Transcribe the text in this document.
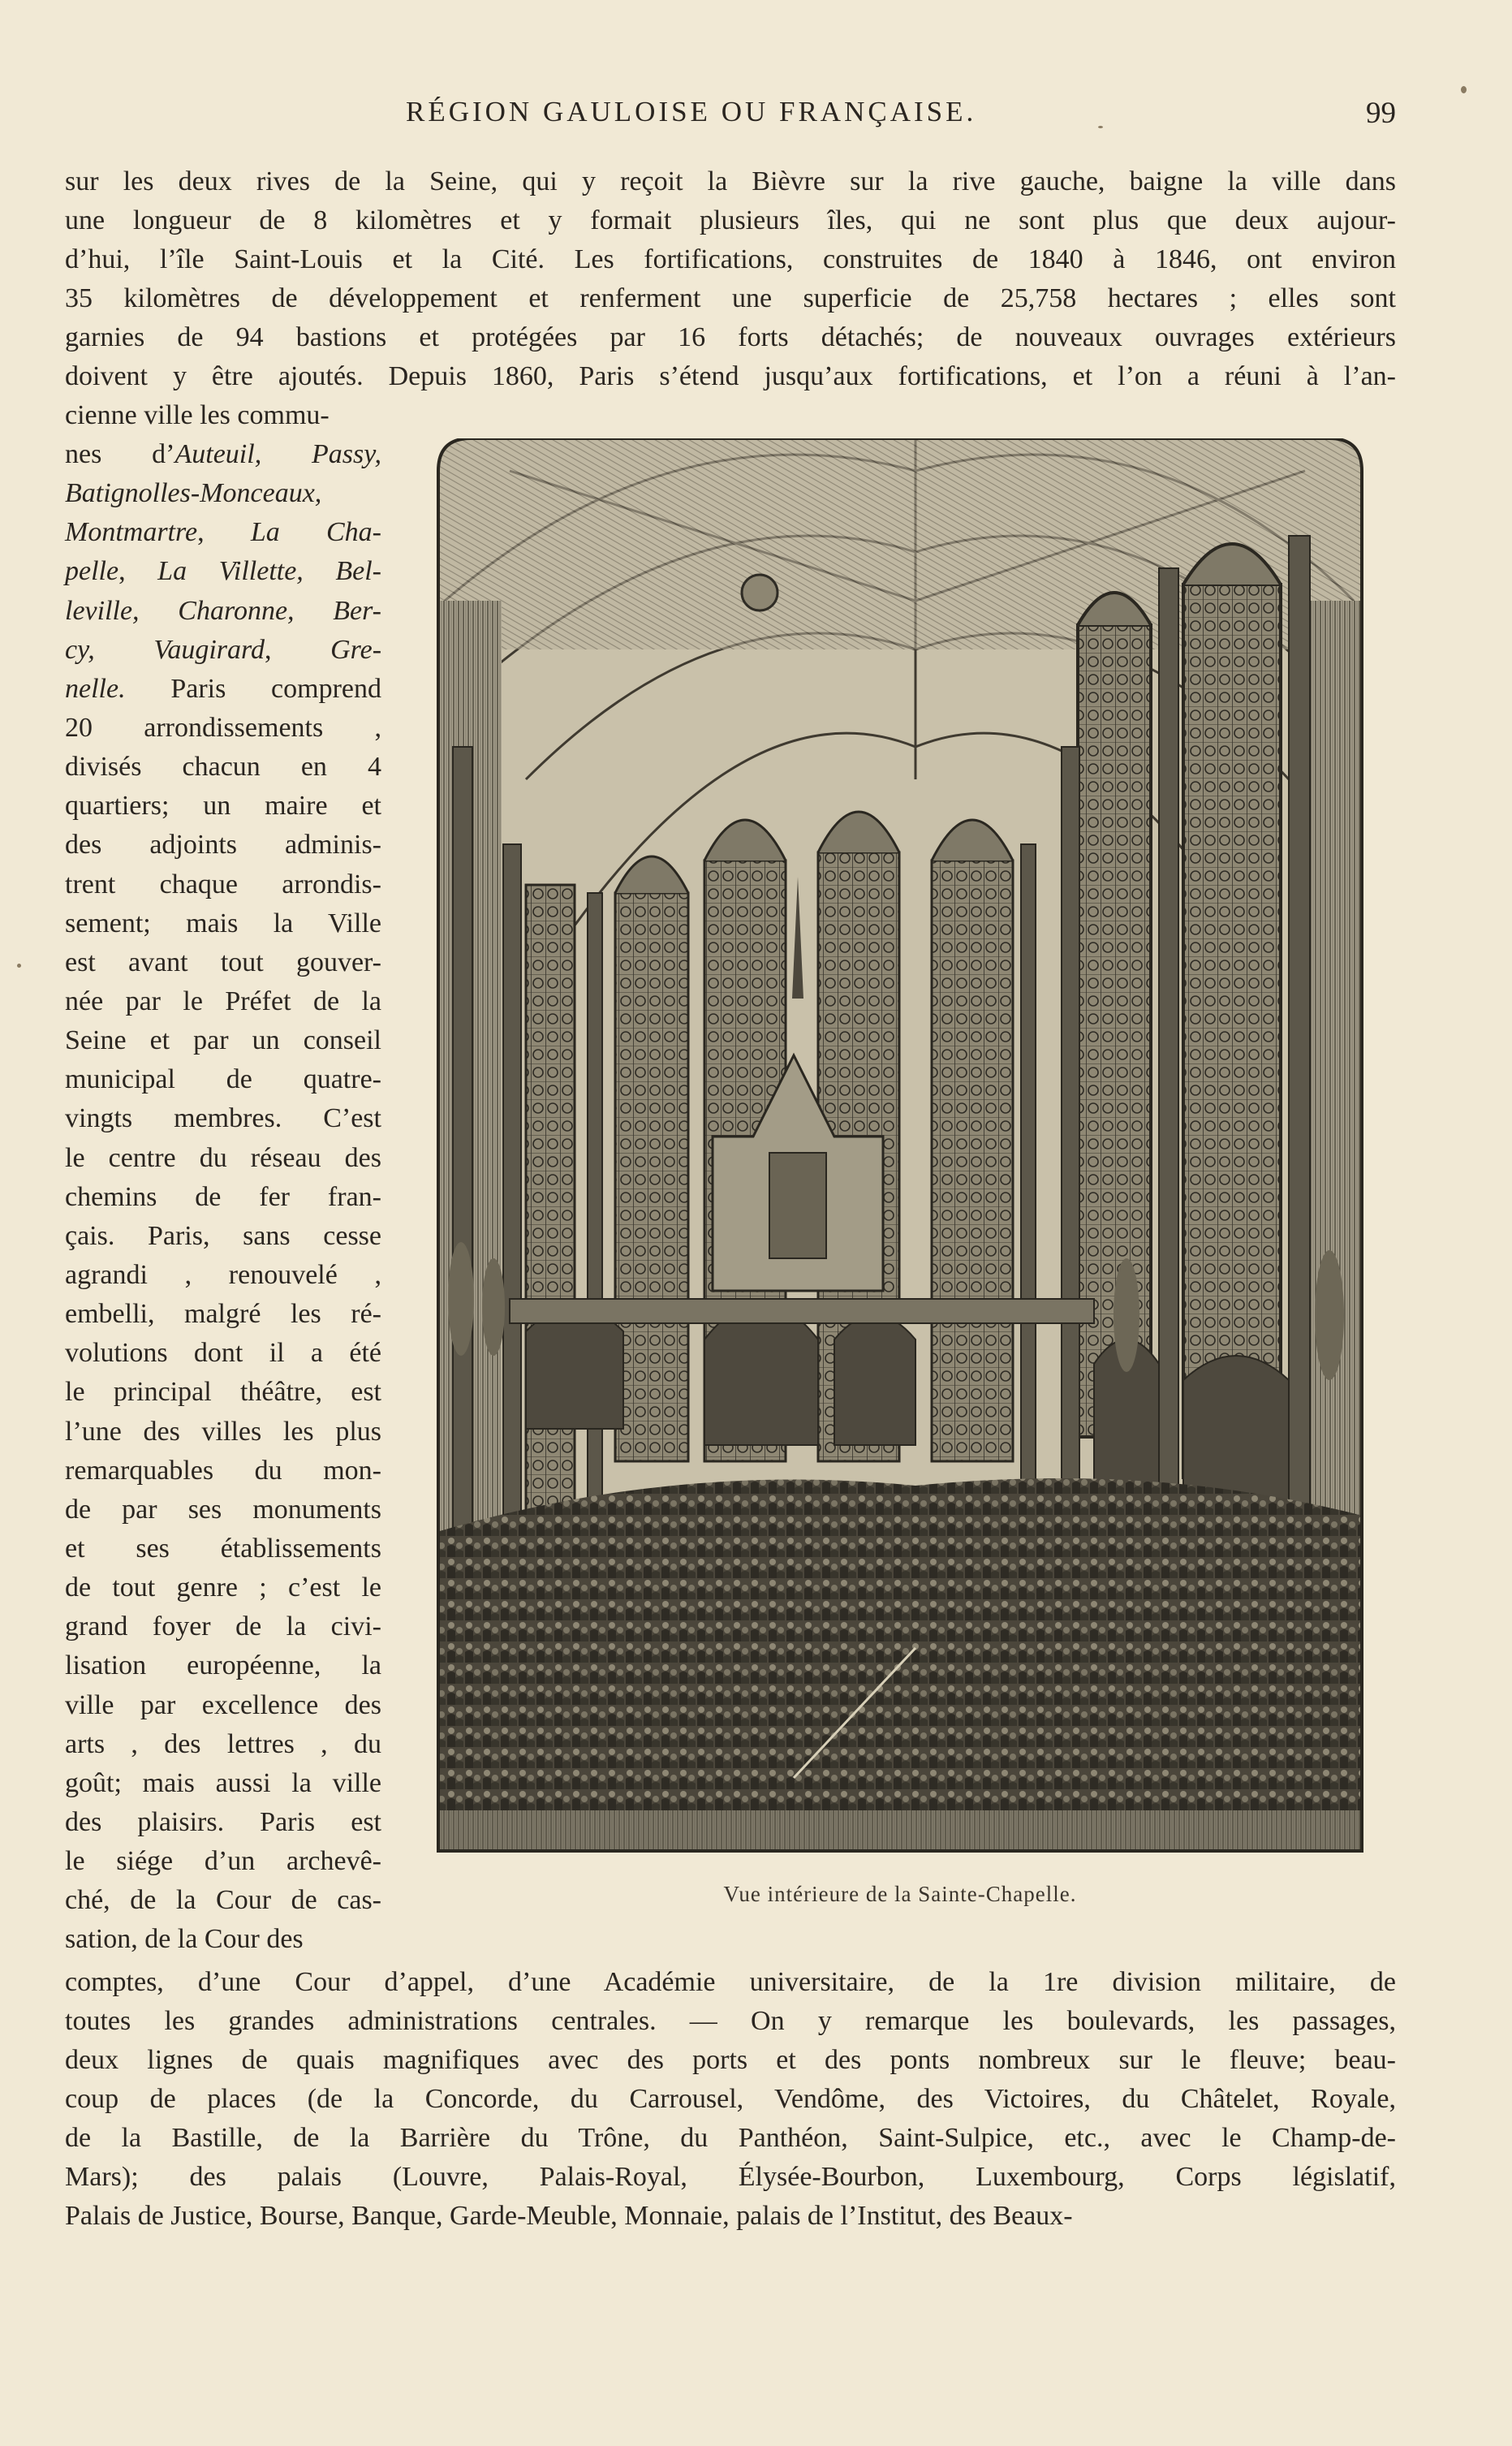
RÉGION GAULOISE OU FRANÇAISE.	99
sur les deux rives de la Seine, qui y reçoit la Bièvre sur la rive gauche, baigne la ville dans
une longueur de 8 kilomètres et y formait plusieurs îles, qui ne sont plus que deux aujour-
d’hui, l’île Saint-Louis et la Cité. Les fortifications, construites de 1840 à 1846, ont environ
35 kilomètres de développement et renferment une superficie de 25,758 hectares ; elles sont
garnies de 94 bastions et protégées par 16 forts détachés; de nouveaux ouvrages extérieurs
doivent y être ajoutés. Depuis 1860, Paris s’étend jusqu’aux fortifications, et l’on a réuni à l’an-
cienne ville les commu-
nes d’Auteuil, Passy,
Batignolles-Monceaux,
Montmartre, La Cha-
pelle, La Villette, Bel-
leville, Charonne, Ber-
cy, Vaugirard, Gre-
nelle. Paris comprend
20 arrondissements ,
divisés chacun en 4
quartiers; un maire et
des adjoints adminis-
trent chaque arrondis-
sement; mais la Ville
est avant tout gouver-
née par le Préfet de la
Seine et par un conseil
municipal de quatre-
vingts membres. C’est
le centre du réseau des
chemins de fer fran-
çais. Paris, sans cesse
agrandi , renouvelé ,
embelli, malgré les ré-
volutions dont il a été
le principal théâtre, est
l’une des villes les plus
remarquables du mon-
de par ses monuments
et ses établissements
de tout genre ; c’est le
grand foyer de la civi-
lisation européenne, la
ville par excellence des
arts , des lettres , du
goût; mais aussi la ville
des plaisirs. Paris est
le siége d’un archevê-
ché, de la Cour de cas-
sation, de la Cour des
Vue intérieure de la Sainte-Chapelle.
comptes, d’une Cour d’appel, d’une Académie universitaire, de la 1re division militaire, de
toutes les grandes administrations centrales. — On y remarque les boulevards, les passages,
deux lignes de quais magnifiques avec des ports et des ponts nombreux sur le fleuve; beau-
coup de places (de la Concorde, du Carrousel, Vendôme, des Victoires, du Châtelet, Royale,
de la Bastille, de la Barrière du Trône, du Panthéon, Saint-Sulpice, etc., avec le Champ-de-
Mars); des palais (Louvre, Palais-Royal, Élysée-Bourbon, Luxembourg, Corps législatif,
Palais de Justice, Bourse, Banque, Garde-Meuble, Monnaie, palais de l’Institut, des Beaux-
